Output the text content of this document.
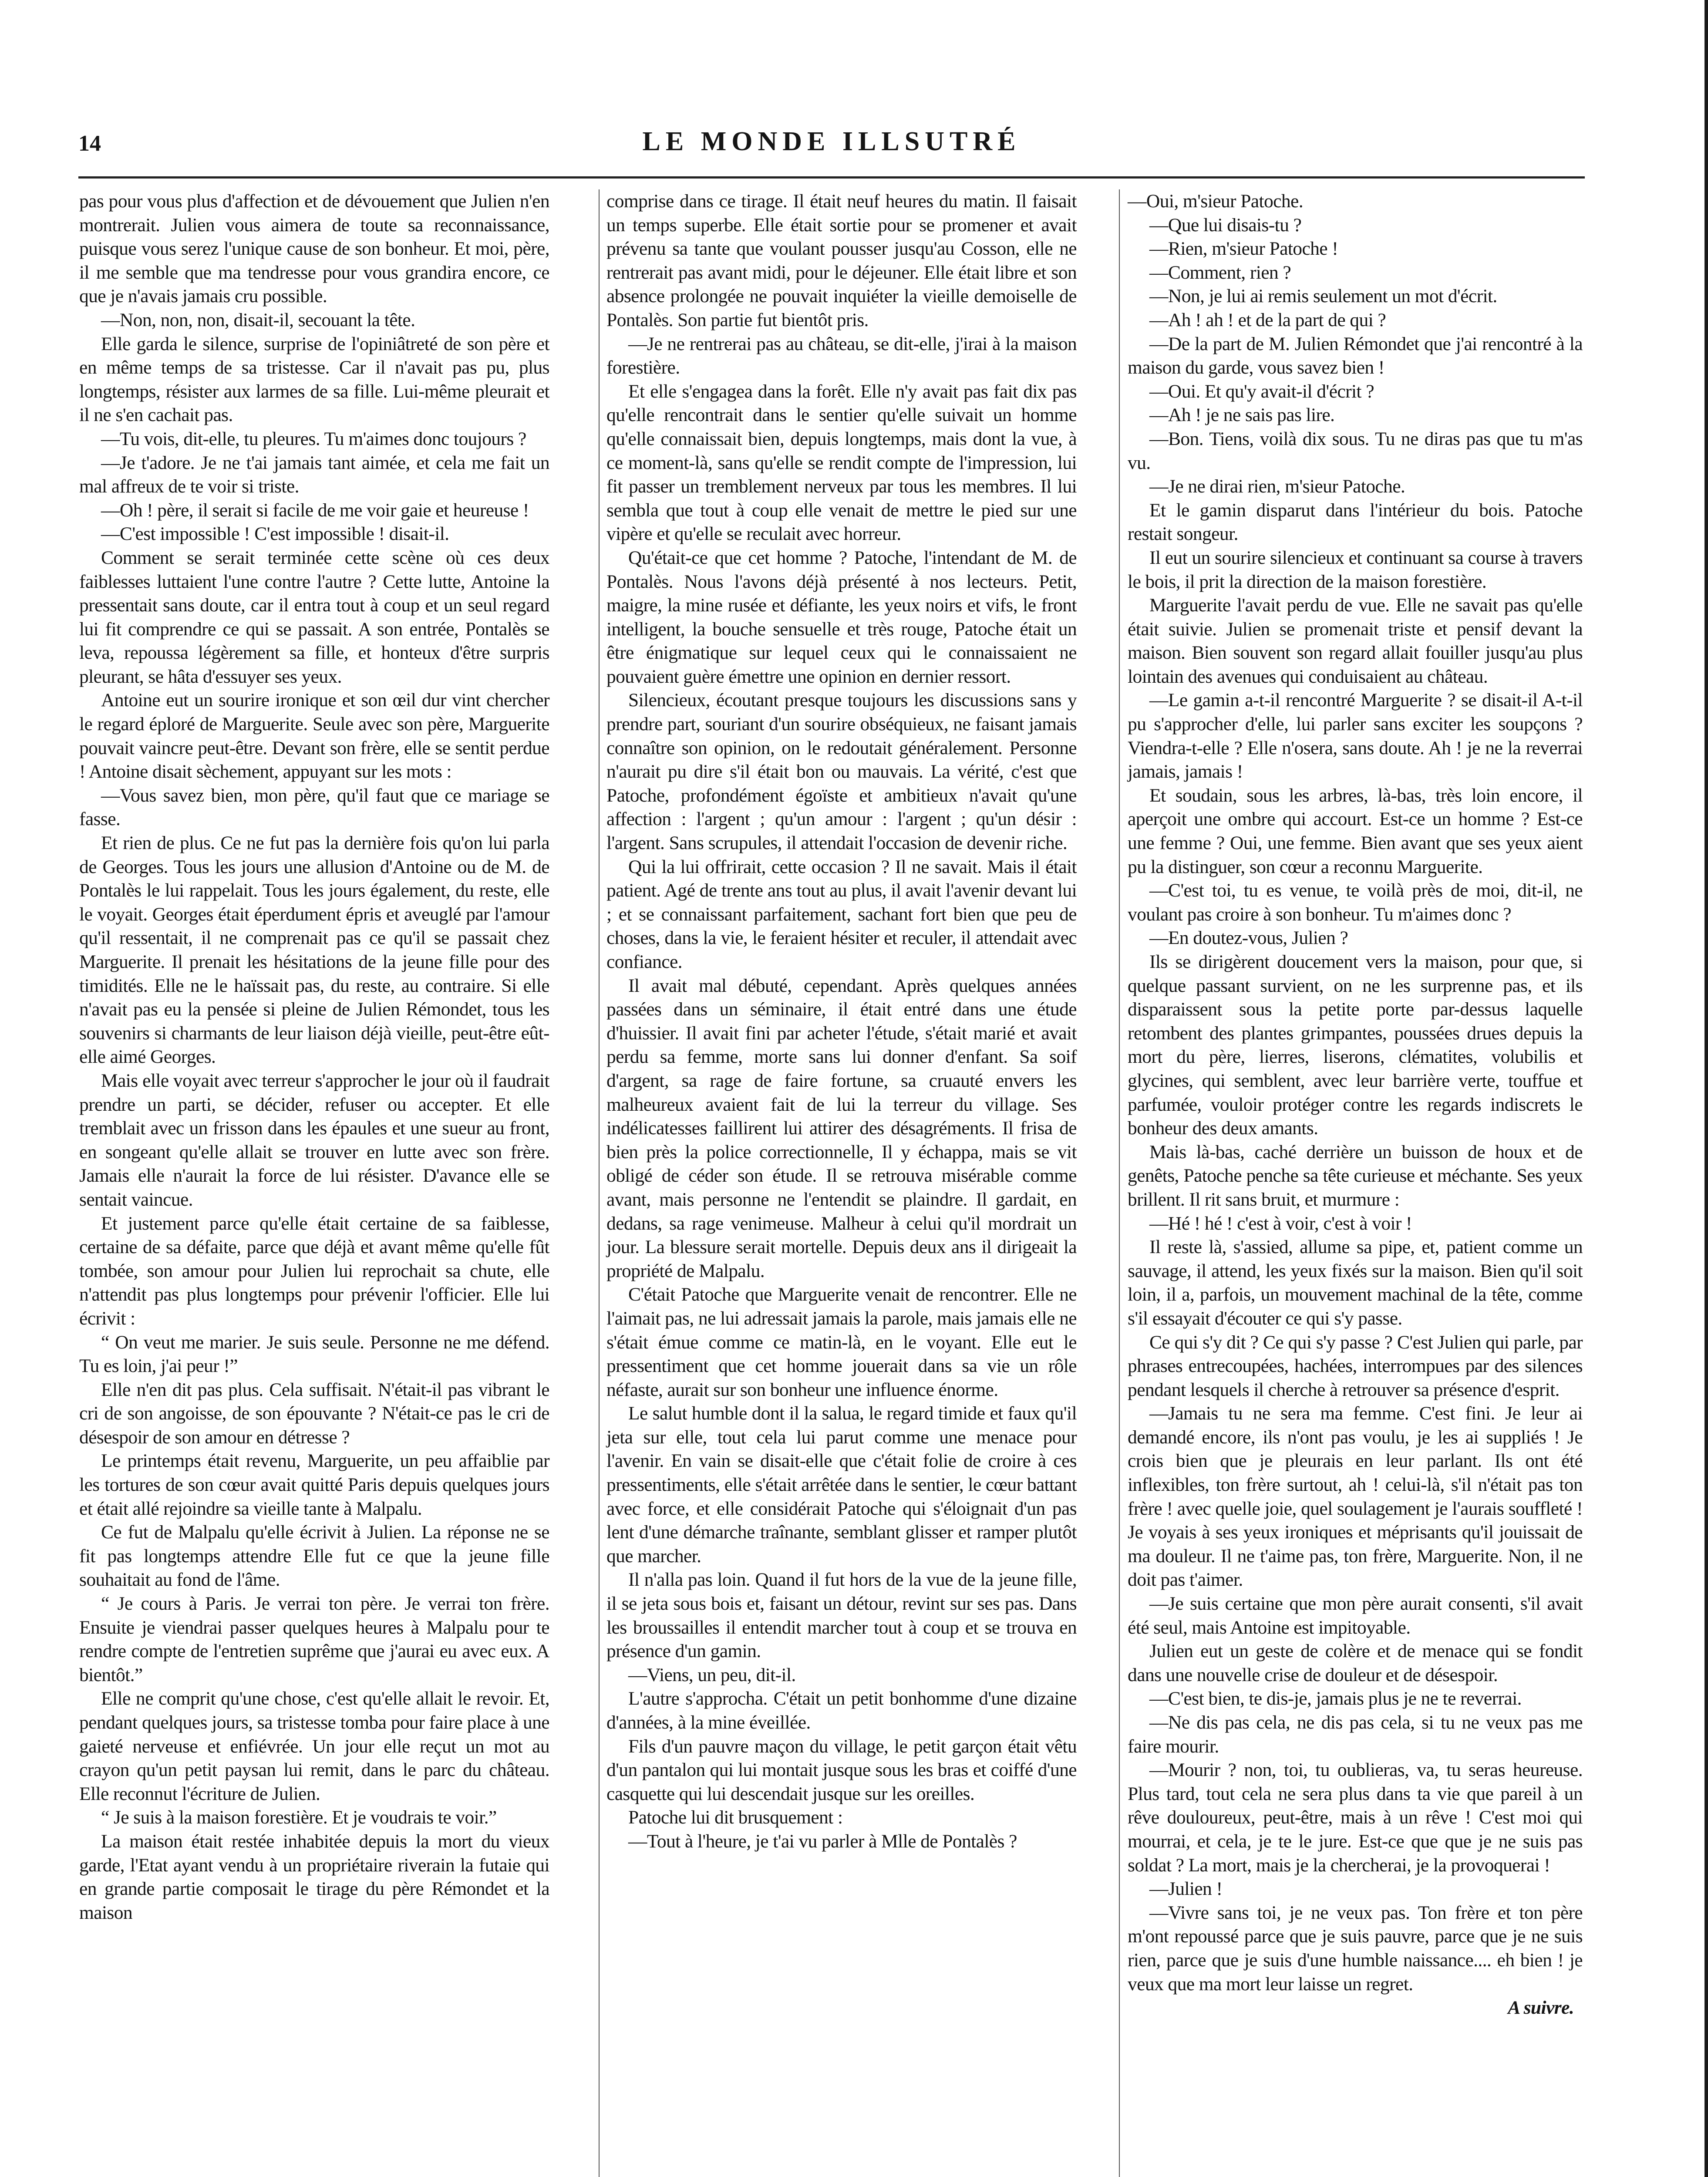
14	LE MONDE ILLSUTRÉ

pas pour vous plus d'affection et de dévouement que Julien n'en montrerait. Julien vous aimera de toute sa reconnaissance, puisque vous serez l'unique cause de son bonheur. Et moi, père, il me semble que ma tendresse pour vous grandira encore, ce que je n'avais jamais cru possible.

—Non, non, non, disait-il, secouant la tête.

Elle garda le silence, surprise de l'opiniâtreté de son père et en même temps de sa tristesse. Car il n'avait pas pu, plus longtemps, résister aux larmes de sa fille. Lui-même pleurait et il ne s'en cachait pas.

—Tu vois, dit-elle, tu pleures. Tu m'aimes donc toujours ?

—Je t'adore. Je ne t'ai jamais tant aimée, et cela me fait un mal affreux de te voir si triste.

—Oh ! père, il serait si facile de me voir gaie et heureuse !

—C'est impossible ! C'est impossible ! disait-il.

Comment se serait terminée cette scène où ces deux faiblesses luttaient l'une contre l'autre ? Cette lutte, Antoine la pressentait sans doute, car il entra tout à coup et un seul regard lui fit comprendre ce qui se passait. A son entrée, Pontalès se leva, repoussa légèrement sa fille, et honteux d'être surpris pleurant, se hâta d'essuyer ses yeux.

Antoine eut un sourire ironique et son œil dur vint chercher le regard éploré de Marguerite. Seule avec son père, Marguerite pouvait vaincre peut-être. Devant son frère, elle se sentit perdue ! Antoine disait sèchement, appuyant sur les mots :

—Vous savez bien, mon père, qu'il faut que ce mariage se fasse.

Et rien de plus. Ce ne fut pas la dernière fois qu'on lui parla de Georges. Tous les jours une allusion d'Antoine ou de M. de Pontalès le lui rappelait. Tous les jours également, du reste, elle le voyait. Georges était éperdument épris et aveuglé par l'amour qu'il ressentait, il ne comprenait pas ce qu'il se passait chez Marguerite. Il prenait les hésitations de la jeune fille pour des timidités. Elle ne le haïssait pas, du reste, au contraire. Si elle n'avait pas eu la pensée si pleine de Julien Rémondet, tous les souvenirs si charmants de leur liaison déjà vieille, peut-être eût-elle aimé Georges.

Mais elle voyait avec terreur s'approcher le jour où il faudrait prendre un parti, se décider, refuser ou accepter. Et elle tremblait avec un frisson dans les épaules et une sueur au front, en songeant qu'elle allait se trouver en lutte avec son frère. Jamais elle n'aurait la force de lui résister. D'avance elle se sentait vaincue.

Et justement parce qu'elle était certaine de sa faiblesse, certaine de sa défaite, parce que déjà et avant même qu'elle fût tombée, son amour pour Julien lui reprochait sa chute, elle n'attendit pas plus longtemps pour prévenir l'officier. Elle lui écrivit :

“ On veut me marier. Je suis seule. Personne ne me défend. Tu es loin, j'ai peur !”

Elle n'en dit pas plus. Cela suffisait. N'était-il pas vibrant le cri de son angoisse, de son épouvante ? N'était-ce pas le cri de désespoir de son amour en détresse ?

Le printemps était revenu, Marguerite, un peu affaiblie par les tortures de son cœur avait quitté Paris depuis quelques jours et était allé rejoindre sa vieille tante à Malpalu.

Ce fut de Malpalu qu'elle écrivit à Julien. La réponse ne se fit pas longtemps attendre Elle fut ce que la jeune fille souhaitait au fond de l'âme.

“ Je cours à Paris. Je verrai ton père. Je verrai ton frère. Ensuite je viendrai passer quelques heures à Malpalu pour te rendre compte de l'entretien suprême que j'aurai eu avec eux. A bientôt.”

Elle ne comprit qu'une chose, c'est qu'elle allait le revoir. Et, pendant quelques jours, sa tristesse tomba pour faire place à une gaieté nerveuse et enfiévrée. Un jour elle reçut un mot au crayon qu'un petit paysan lui remit, dans le parc du château. Elle reconnut l'écriture de Julien.

“ Je suis à la maison forestière. Et je voudrais te voir.”

La maison était restée inhabitée depuis la mort du vieux garde, l'Etat ayant vendu à un propriétaire riverain la futaie qui en grande partie composait le tirage du père Rémondet et la maison

comprise dans ce tirage. Il était neuf heures du matin. Il faisait un temps superbe. Elle était sortie pour se promener et avait prévenu sa tante que voulant pousser jusqu'au Cosson, elle ne rentrerait pas avant midi, pour le déjeuner. Elle était libre et son absence prolongée ne pouvait inquiéter la vieille demoiselle de Pontalès. Son partie fut bientôt pris.

—Je ne rentrerai pas au château, se dit-elle, j'irai à la maison forestière.

Et elle s'engagea dans la forêt. Elle n'y avait pas fait dix pas qu'elle rencontrait dans le sentier qu'elle suivait un homme qu'elle connaissait bien, depuis longtemps, mais dont la vue, à ce moment-là, sans qu'elle se rendit compte de l'impression, lui fit passer un tremblement nerveux par tous les membres. Il lui sembla que tout à coup elle venait de mettre le pied sur une vipère et qu'elle se reculait avec horreur.

Qu'était-ce que cet homme ? Patoche, l'intendant de M. de Pontalès. Nous l'avons déjà présenté à nos lecteurs. Petit, maigre, la mine rusée et défiante, les yeux noirs et vifs, le front intelligent, la bouche sensuelle et très rouge, Patoche était un être énigmatique sur lequel ceux qui le connaissaient ne pouvaient guère émettre une opinion en dernier ressort.

Silencieux, écoutant presque toujours les discussions sans y prendre part, souriant d'un sourire obséquieux, ne faisant jamais connaître son opinion, on le redoutait généralement. Personne n'aurait pu dire s'il était bon ou mauvais. La vérité, c'est que Patoche, profondément égoïste et ambitieux n'avait qu'une affection : l'argent ; qu'un amour : l'argent ; qu'un désir : l'argent. Sans scrupules, il attendait l'occasion de devenir riche.

Qui la lui offrirait, cette occasion ? Il ne savait. Mais il était patient. Agé de trente ans tout au plus, il avait l'avenir devant lui ; et se connaissant parfaitement, sachant fort bien que peu de choses, dans la vie, le feraient hésiter et reculer, il attendait avec confiance.

Il avait mal débuté, cependant. Après quelques années passées dans un séminaire, il était entré dans une étude d'huissier. Il avait fini par acheter l'étude, s'était marié et avait perdu sa femme, morte sans lui donner d'enfant. Sa soif d'argent, sa rage de faire fortune, sa cruauté envers les malheureux avaient fait de lui la terreur du village. Ses indélicatesses faillirent lui attirer des désagréments. Il frisa de bien près la police correctionnelle, Il y échappa, mais se vit obligé de céder son étude. Il se retrouva misérable comme avant, mais personne ne l'entendit se plaindre. Il gardait, en dedans, sa rage venimeuse. Malheur à celui qu'il mordrait un jour. La blessure serait mortelle. Depuis deux ans il dirigeait la propriété de Malpalu.

C'était Patoche que Marguerite venait de rencontrer. Elle ne l'aimait pas, ne lui adressait jamais la parole, mais jamais elle ne s'était émue comme ce matin-là, en le voyant. Elle eut le pressentiment que cet homme jouerait dans sa vie un rôle néfaste, aurait sur son bonheur une influence énorme.

Le salut humble dont il la salua, le regard timide et faux qu'il jeta sur elle, tout cela lui parut comme une menace pour l'avenir. En vain se disait-elle que c'était folie de croire à ces pressentiments, elle s'était arrêtée dans le sentier, le cœur battant avec force, et elle considérait Patoche qui s'éloignait d'un pas lent d'une démarche traînante, semblant glisser et ramper plutôt que marcher.

Il n'alla pas loin. Quand il fut hors de la vue de la jeune fille, il se jeta sous bois et, faisant un détour, revint sur ses pas. Dans les broussailles il entendit marcher tout à coup et se trouva en présence d'un gamin.

—Viens, un peu, dit-il.

L'autre s'approcha. C'était un petit bonhomme d'une dizaine d'années, à la mine éveillée.

Fils d'un pauvre maçon du village, le petit garçon était vêtu d'un pantalon qui lui montait jusque sous les bras et coiffé d'une casquette qui lui descendait jusque sur les oreilles.

Patoche lui dit brusquement :

—Tout à l'heure, je t'ai vu parler à Mlle de Pontalès ?

—Oui, m'sieur Patoche.

—Que lui disais-tu ?

—Rien, m'sieur Patoche !

—Comment, rien ?

—Non, je lui ai remis seulement un mot d'écrit.

—Ah ! ah ! et de la part de qui ?

—De la part de M. Julien Rémondet que j'ai rencontré à la maison du garde, vous savez bien !

—Oui. Et qu'y avait-il d'écrit ?

—Ah ! je ne sais pas lire.

—Bon. Tiens, voilà dix sous. Tu ne diras pas que tu m'as vu.

—Je ne dirai rien, m'sieur Patoche.

Et le gamin disparut dans l'intérieur du bois. Patoche restait songeur.

Il eut un sourire silencieux et continuant sa course à travers le bois, il prit la direction de la maison forestière.

Marguerite l'avait perdu de vue. Elle ne savait pas qu'elle était suivie. Julien se promenait triste et pensif devant la maison. Bien souvent son regard allait fouiller jusqu'au plus lointain des avenues qui conduisaient au château.

—Le gamin a-t-il rencontré Marguerite ? se disait-il A-t-il pu s'approcher d'elle, lui parler sans exciter les soupçons ? Viendra-t-elle ? Elle n'osera, sans doute. Ah ! je ne la reverrai jamais, jamais !

Et soudain, sous les arbres, là-bas, très loin encore, il aperçoit une ombre qui accourt. Est-ce un homme ? Est-ce une femme ? Oui, une femme. Bien avant que ses yeux aient pu la distinguer, son cœur a reconnu Marguerite.

—C'est toi, tu es venue, te voilà près de moi, dit-il, ne voulant pas croire à son bonheur. Tu m'aimes donc ?

—En doutez-vous, Julien ?

Ils se dirigèrent doucement vers la maison, pour que, si quelque passant survient, on ne les surprenne pas, et ils disparaissent sous la petite porte par-dessus laquelle retombent des plantes grimpantes, poussées drues depuis la mort du père, lierres, liserons, clématites, volubilis et glycines, qui semblent, avec leur barrière verte, touffue et parfumée, vouloir protéger contre les regards indiscrets le bonheur des deux amants.

Mais là-bas, caché derrière un buisson de houx et de genêts, Patoche penche sa tête curieuse et méchante. Ses yeux brillent. Il rit sans bruit, et murmure :

—Hé ! hé ! c'est à voir, c'est à voir !

Il reste là, s'assied, allume sa pipe, et, patient comme un sauvage, il attend, les yeux fixés sur la maison. Bien qu'il soit loin, il a, parfois, un mouvement machinal de la tête, comme s'il essayait d'écouter ce qui s'y passe.

Ce qui s'y dit ? Ce qui s'y passe ? C'est Julien qui parle, par phrases entrecoupées, hachées, interrompues par des silences pendant lesquels il cherche à retrouver sa présence d'esprit.

—Jamais tu ne sera ma femme. C'est fini. Je leur ai demandé encore, ils n'ont pas voulu, je les ai suppliés ! Je crois bien que je pleurais en leur parlant. Ils ont été inflexibles, ton frère surtout, ah ! celui-là, s'il n'était pas ton frère ! avec quelle joie, quel soulagement je l'aurais souffleté ! Je voyais à ses yeux ironiques et méprisants qu'il jouissait de ma douleur. Il ne t'aime pas, ton frère, Marguerite. Non, il ne doit pas t'aimer.

—Je suis certaine que mon père aurait consenti, s'il avait été seul, mais Antoine est impitoyable.

Julien eut un geste de colère et de menace qui se fondit dans une nouvelle crise de douleur et de désespoir.

—C'est bien, te dis-je, jamais plus je ne te reverrai.

—Ne dis pas cela, ne dis pas cela, si tu ne veux pas me faire mourir.

—Mourir ? non, toi, tu oublieras, va, tu seras heureuse. Plus tard, tout cela ne sera plus dans ta vie que pareil à un rêve douloureux, peut-être, mais à un rêve ! C'est moi qui mourrai, et cela, je te le jure. Est-ce que que je ne suis pas soldat ? La mort, mais je la chercherai, je la provoquerai !

—Julien !

—Vivre sans toi, je ne veux pas. Ton frère et ton père m'ont repoussé parce que je suis pauvre, parce que je ne suis rien, parce que je suis d'une humble naissance.... eh bien ! je veux que ma mort leur laisse un regret.

A suivre.
